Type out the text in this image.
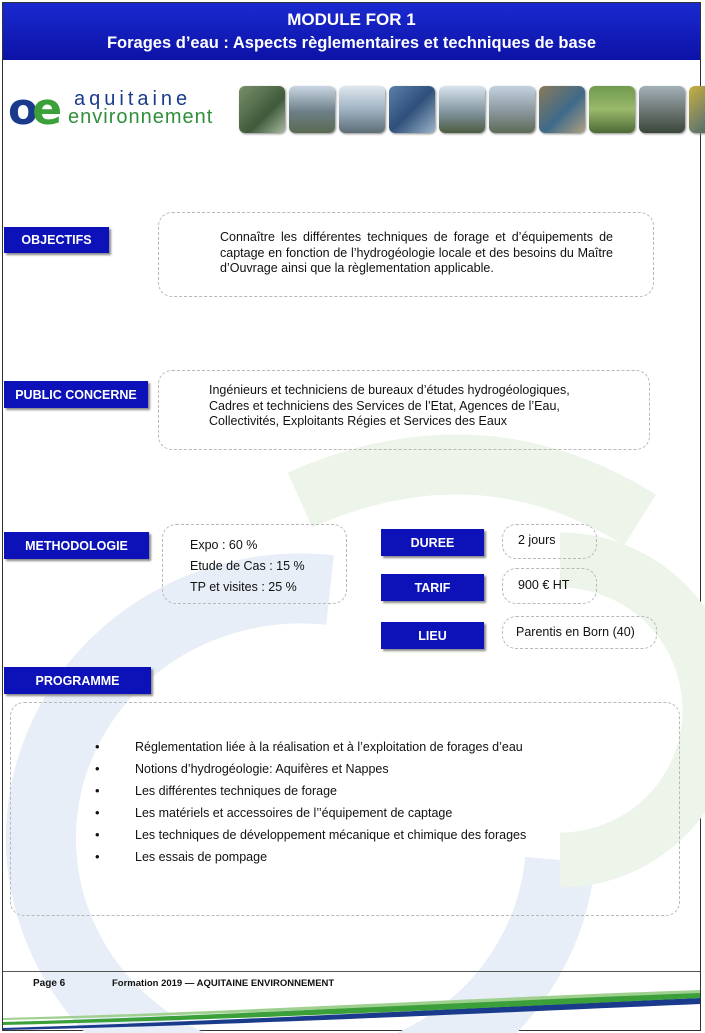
MODULE FOR 1
Forages d’eau : Aspects règlementaires et techniques de base
oe aquitaine
environnement
OBJECTIFS	Connaître les différentes techniques de forage et d’équipements de captage en fonction de l’hydrogéologie locale et des besoins du Maître d’Ouvrage ainsi que la règlementation applicable.
PUBLIC CONCERNE	Ingénieurs et techniciens de bureaux d’études hydrogéologiques,
Cadres et techniciens des Services de l’Etat, Agences de l’Eau,
Collectivités, Exploitants Régies et Services des Eaux
METHODOLOGIE	Expo : 60 %
Etude de Cas : 15 %
TP et visites : 25 %
DUREE	2 jours
TARIF	900 € HT
LIEU	Parentis en Born (40)
PROGRAMME
• Réglementation liée à la réalisation et à l’exploitation de forages d’eau
• Notions d’hydrogéologie: Aquifères et Nappes
• Les différentes techniques de forage
• Les matériels et accessoires de l’’équipement de captage
• Les techniques de développement mécanique et chimique des forages
• Les essais de pompage
Page 6	Formation 2019 — AQUITAINE ENVIRONNEMENT
